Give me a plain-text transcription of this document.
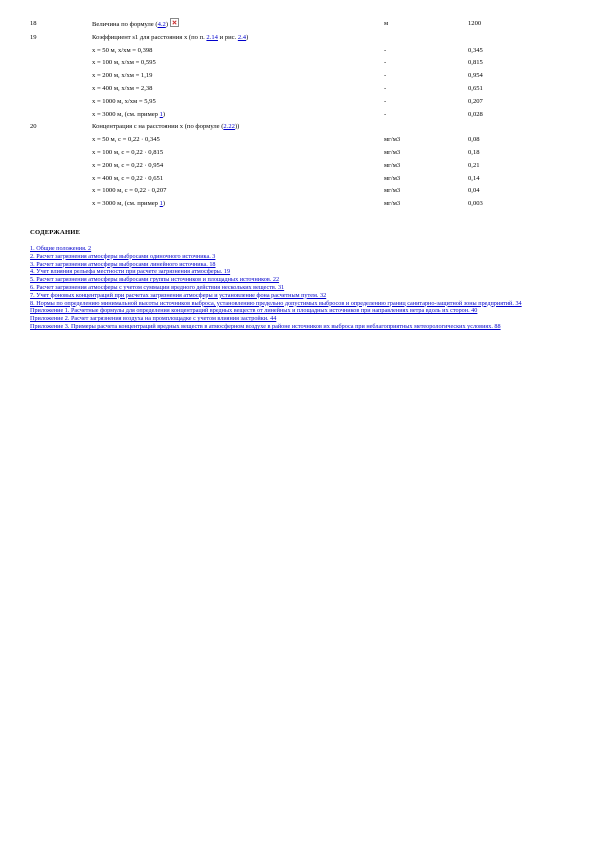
18	Величина по формуле (4.2)	м	1200
19	Коэффициент s1 для расстояния x (по п. 2.14 и рис. 2.4)		
	x = 50 м, x/xм = 0,398	-	0,345
	x = 100 м, x/xм = 0,595	-	0,815
	x = 200 м, x/xм = 1,19	-	0,954
	x = 400 м, x/xм = 2,38	-	0,651
	x = 1000 м, x/xм = 5,95	-	0,207
	x = 3000 м, (см. пример 1)	-	0,028
20	Концентрация с на расстоянии x (по формуле (2.22))		
	x = 50 м, c = 0,22 · 0,345	мг/м3	0,08
	x = 100 м, c = 0,22 · 0,815	мг/м3	0,18
	x = 200 м, c = 0,22 · 0,954	мг/м3	0,21
	x = 400 м, c = 0,22 · 0,651	мг/м3	0,14
	x = 1000 м, c = 0,22 · 0,207	мг/м3	0,04
	x = 3000 м, (см. пример 1)	мг/м3	0,003
СОДЕРЖАНИЕ
1. Общие положения. 2
2. Расчет загрязнения атмосферы выбросами одиночного источника. 3
3. Расчет загрязнения атмосферы выбросами линейного источника. 18
4. Учет влияния рельефа местности при расчете загрязнения атмосферы. 19
5. Расчет загрязнения атмосферы выбросами группы источников и площадных источников. 22
6. Расчет загрязнения атмосферы с учетом суммации вредного действия нескольких веществ. 31
7. Учет фоновых концентраций при расчетах загрязнения атмосферы и установление фона расчетным путем. 32
8. Нормы по определению минимальной высоты источников выброса, установлению предельно допустимых выбросов и определению границ санитарно-защитной зоны предприятий. 34
Приложение 1. Расчетные формулы для определения концентраций вредных веществ от линейных и площадных источников при направлениях ветра вдоль их сторон. 40
Приложение 2. Расчет загрязнения воздуха на промплощадке с учетом влияния застройки. 44
Приложение 3. Примеры расчета концентраций вредных веществ в атмосферном воздухе в районе источников их выброса при неблагоприятных метеорологических условиях. 88
